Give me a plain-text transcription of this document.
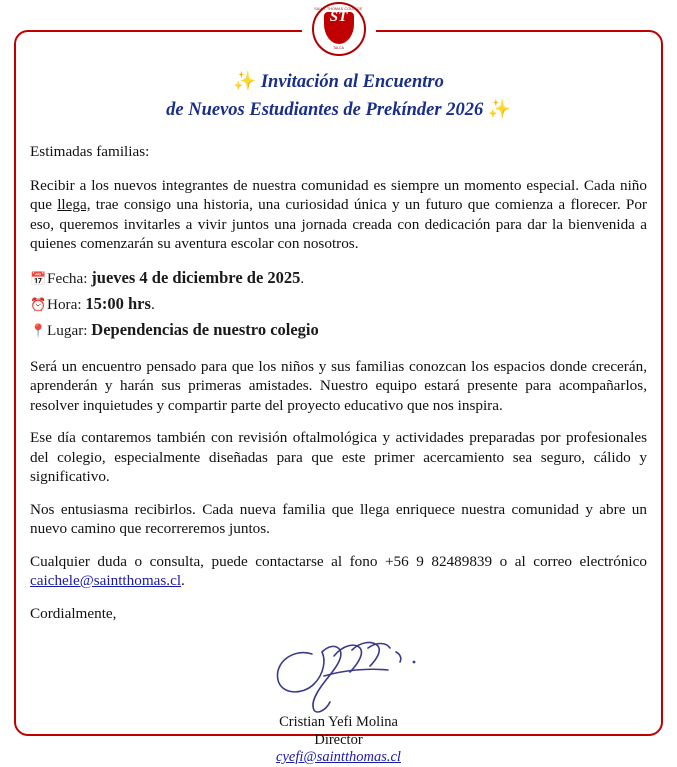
SAINT THOMAS COLLEGE
ST
TALCA
✨ Invitación al Encuentro
de Nuevos Estudiantes de Prekínder 2026 ✨

Estimadas familias:

Recibir a los nuevos integrantes de nuestra comunidad es siempre un momento especial. Cada niño que llega, trae consigo una historia, una curiosidad única y un futuro que comienza a florecer. Por eso, queremos invitarles a vivir juntos una jornada creada con dedicación para dar la bienvenida a quienes comenzarán su aventura escolar con nosotros.

📅Fecha: jueves 4 de diciembre de 2025.
⏰Hora: 15:00 hrs.
📍Lugar: Dependencias de nuestro colegio

Será un encuentro pensado para que los niños y sus familias conozcan los espacios donde crecerán, aprenderán y harán sus primeras amistades. Nuestro equipo estará presente para acompañarlos, resolver inquietudes y compartir parte del proyecto educativo que nos inspira.

Ese día contaremos también con revisión oftalmológica y actividades preparadas por profesionales del colegio, especialmente diseñadas para que este primer acercamiento sea seguro, cálido y significativo.

Nos entusiasma recibirlos. Cada nueva familia que llega enriquece nuestra comunidad y abre un nuevo camino que recorreremos juntos.

Cualquier duda o consulta, puede contactarse al fono +56 9 82489839 o al correo electrónico caichele@saintthomas.cl.

Cordialmente,

Cristian Yefi Molina
Director
cyefi@saintthomas.cl
